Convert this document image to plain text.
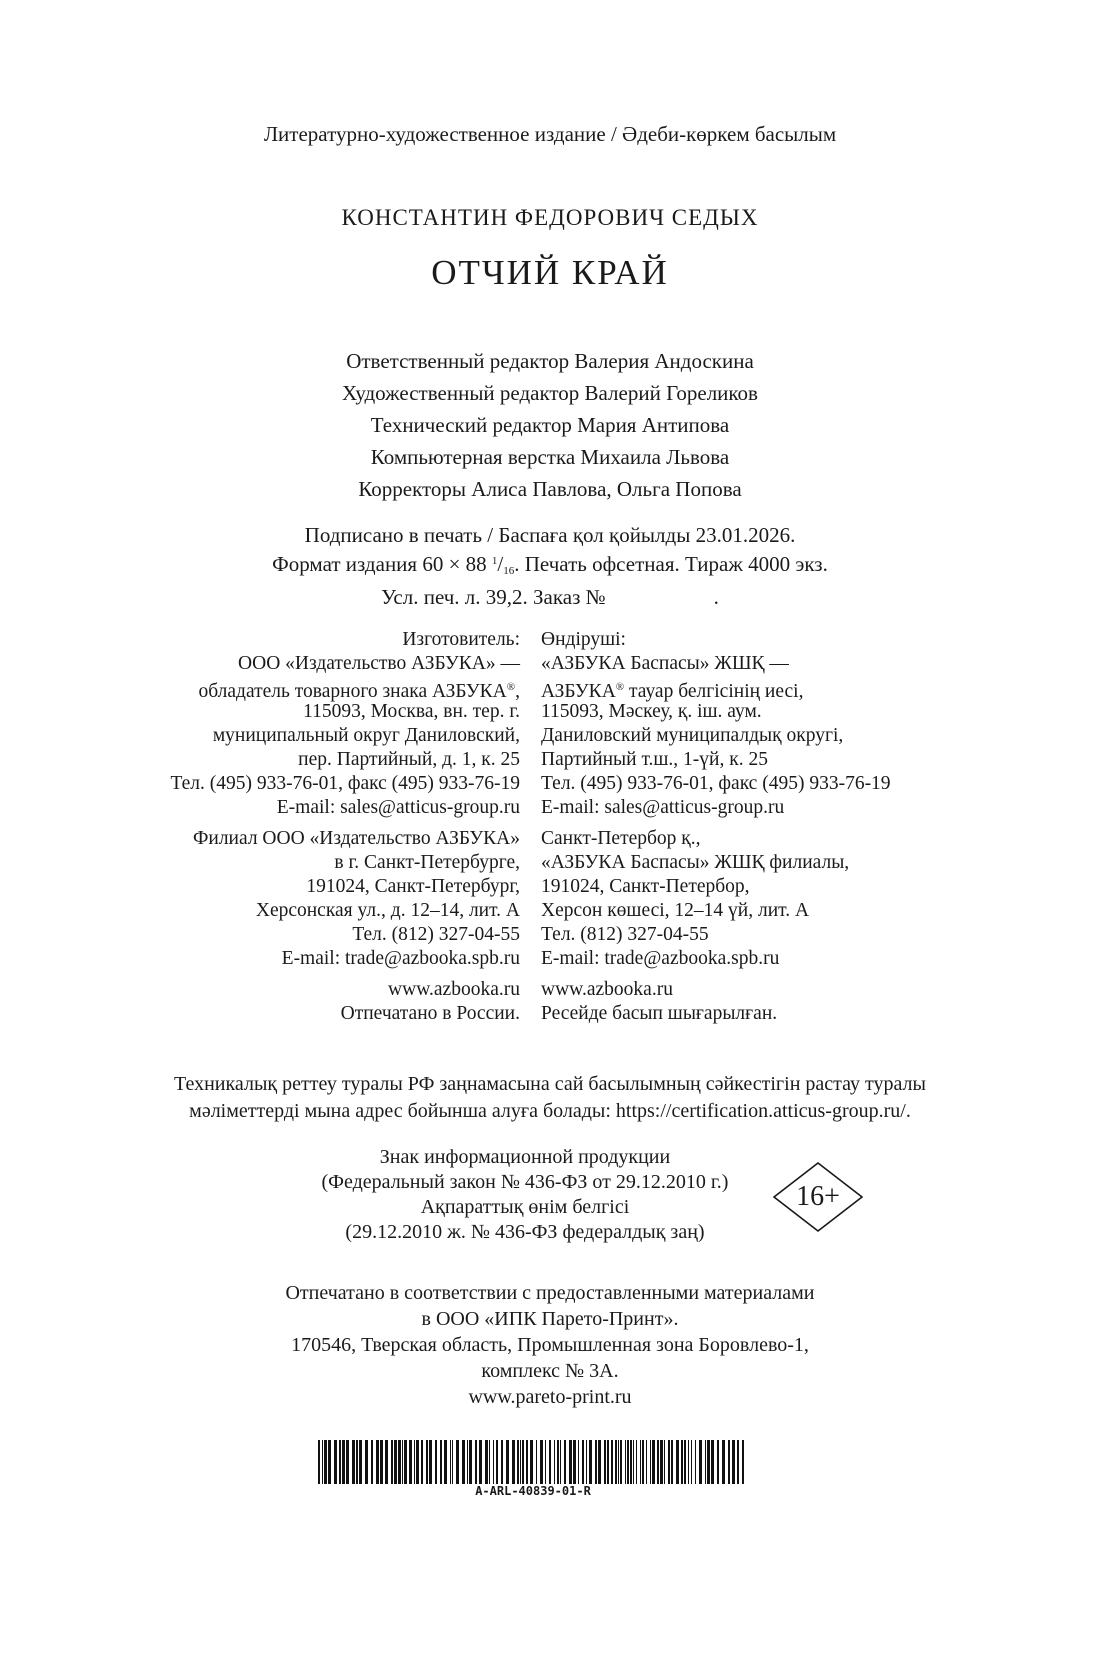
Литературно-художественное издание / Әдеби-көркем басылым
КОНСТАНТИН ФЕДОРОВИЧ СЕДЫХ
ОТЧИЙ КРАЙ
Ответственный редактор Валерия Андоскина
Художественный редактор Валерий Гореликов
Технический редактор Мария Антипова
Компьютерная верстка Михаила Львова
Корректоры Алиса Павлова, Ольга Попова
Подписано в печать / Баспаға қол қойылды 23.01.2026.
Формат издания 60 × 88 $^1/_{16}$. Печать офсетная. Тираж 4000 экз.
Усл. печ. л. 39,2. Заказ №	.
Изготовитель:
ООО «Издательство АЗБУКА» —
обладатель товарного знака АЗБУКА®,
115093, Москва, вн. тер. г.
муниципальный округ Даниловский,
пер. Партийный, д. 1, к. 25
Тел. (495) 933-76-01, факс (495) 933-76-19
E-mail: sales@atticus-group.ru
Филиал ООО «Издательство АЗБУКА»
в г. Санкт-Петербурге,
191024, Санкт-Петербург,
Херсонская ул., д. 12–14, лит. А
Тел. (812) 327-04-55
E-mail: trade@azbooka.spb.ru
www.azbooka.ru
Отпечатано в России.
Өндіруші:
«АЗБУКА Баспасы» ЖШҚ —
АЗБУКА® тауар белгісінің иесі,
115093, Мәскеу, қ. іш. аум.
Даниловский муниципалдық округі,
Партийный т.ш., 1-үй, к. 25
Тел. (495) 933-76-01, факс (495) 933-76-19
E-mail: sales@atticus-group.ru
Санкт-Петербор қ.,
«АЗБУКА Баспасы» ЖШҚ филиалы,
191024, Санкт-Петербор,
Херсон көшесі, 12–14 үй, лит. А
Тел. (812) 327-04-55
E-mail: trade@azbooka.spb.ru
www.azbooka.ru
Ресейде басып шығарылған.
Техникалық реттеу туралы РФ заңнамасына сай басылымның сәйкестігін растау туралы
мәліметтерді мына адрес бойынша алуға болады: https://certification.atticus-group.ru/.
Знак информационной продукции
(Федеральный закон № 436-ФЗ от 29.12.2010 г.)
Ақпараттық өнім белгісі
(29.12.2010 ж. № 436-ФЗ федералдық заң)
16+
Отпечатано в соответствии с предоставленными материалами
в ООО «ИПК Парето-Принт».
170546, Тверская область, Промышленная зона Боровлево-1,
комплекс № 3А.
www.pareto-print.ru
A-ARL-40839-01-R
